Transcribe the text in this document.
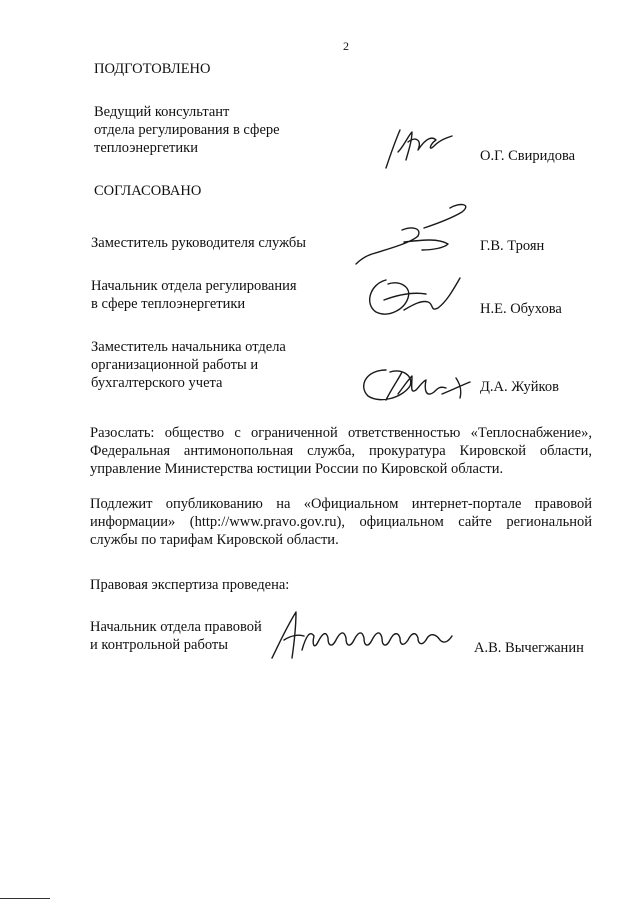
2
ПОДГОТОВЛЕНО
Ведущий консультант
отдела регулирования в сфере
теплоэнергетики	О.Г. Свиридова
СОГЛАСОВАНО
Заместитель руководителя службы	Г.В. Троян
Начальник отдела регулирования
в сфере теплоэнергетики	Н.Е. Обухова
Заместитель начальника отдела
организационной работы и
бухгалтерского учета	Д.А. Жуйков
Разослать: общество с ограниченной ответственностью «Теплоснабжение»,
Федеральная антимонопольная служба, прокуратура Кировской области,
управление Министерства юстиции России по Кировской области.
Подлежит опубликованию на «Официальном интернет-портале правовой
информации» (http://www.pravo.gov.ru), официальном сайте региональной
службы по тарифам Кировской области.
Правовая экспертиза проведена:
Начальник отдела правовой
и контрольной работы	А.В. Вычегжанин
